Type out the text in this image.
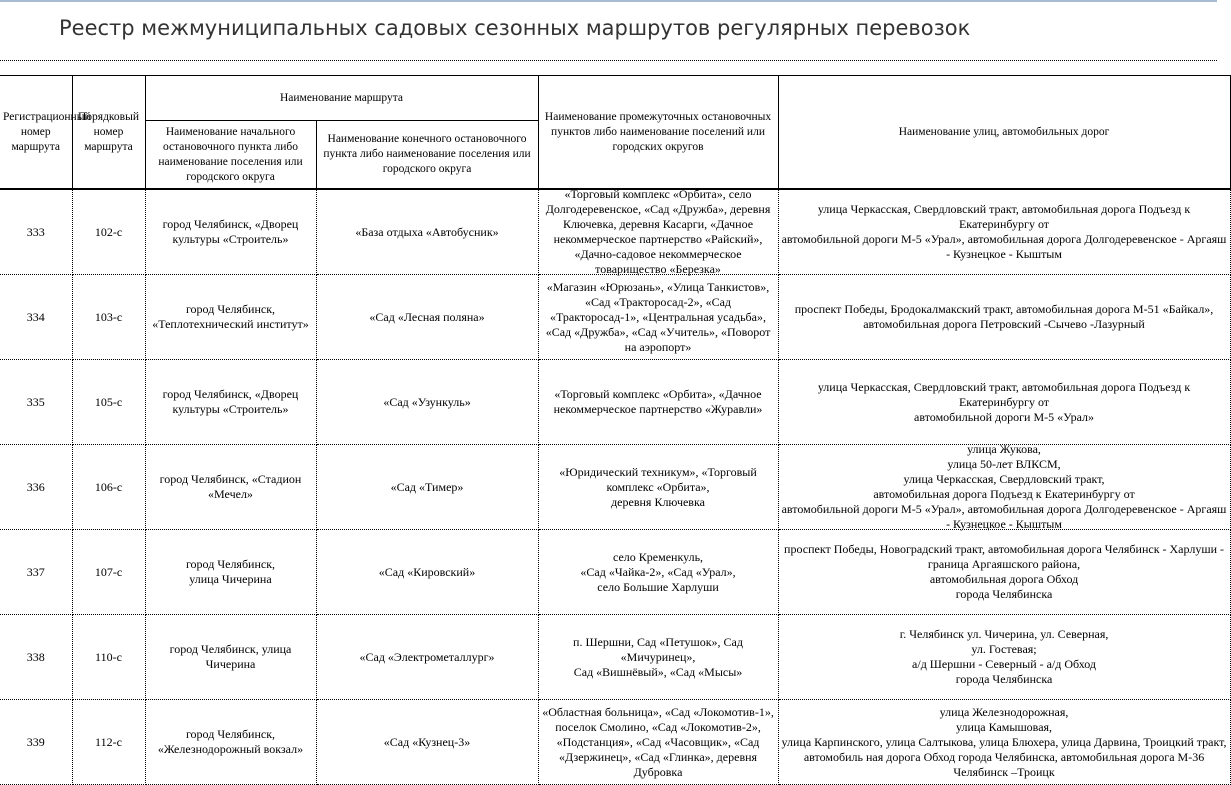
Реестр межмуниципальных садовых сезонных маршрутов регулярных перевозок
Регистрационный номер маршрута	Порядковый номер маршрута	Наименование маршрута		Наименование промежуточных остановочных пунктов либо наименование поселений или городских округов	Наименование улиц, автомобильных дорог
		Наименование начального остановочного пункта либо наименование поселения или городского округа	Наименование конечного остановочного пункта либо наименование поселения или городского округа		

333	102-с	город Челябинск, «Дворец культуры «Строитель»	«База отдыха «Автобусник»	«Торговый комплекс «Орбита», село Долгодеревенское, «Сад «Дружба», деревня Ключевка, деревня Касарги, «Дачное некоммерческое партнерство «Райский», «Дачно-садовое некоммерческое товарищество «Березка»	улица Черкасская, Свердловский тракт, автомобильная дорога Подъезд к Екатеринбургу от
автомобильной дороги М-5 «Урал», автомобильная дорога Долгодеревенское - Аргаяш - Кузнецкое - Кыштым

334	103-с	город Челябинск, «Теплотехнический институт»	«Сад «Лесная поляна»	«Магазин «Юрюзань», «Улица Танкистов», «Сад «Тракторосад-2», «Сад «Тракторосад-1», «Центральная усадьба», «Сад «Дружба», «Сад «Учитель», «Поворот на аэропорт»	проспект Победы, Бродокалмакский тракт, автомобильная дорога М-51 «Байкал», автомобильная дорога Петровский -Сычево -Лазурный

335	105-с	город Челябинск, «Дворец культуры «Строитель»	«Сад «Узункуль»	«Торговый комплекс «Орбита», «Дачное некоммерческое партнерство «Журавли»	улица Черкасская, Свердловский тракт, автомобильная дорога Подъезд к Екатеринбургу от
автомобильной дороги М-5 «Урал»

336	106-с	город Челябинск, «Стадион «Мечел»	«Сад «Тимер»	«Юридический техникум», «Торговый комплекс «Орбита»,
деревня Ключевка	улица Жукова,
улица 50-лет ВЛКСМ,
улица Черкасская, Свердловский тракт,
автомобильная дорога Подъезд к Екатеринбургу от
автомобильной дороги М-5 «Урал», автомобильная дорога Долгодеревенское - Аргаяш - Кузнецкое - Кыштым

337	107-с	город Челябинск,
улица Чичерина	«Сад «Кировский»	село Кременкуль,
«Сад «Чайка-2», «Сад «Урал»,
село Большие Харлуши	проспект Победы, Новоградский тракт, автомобильная дорога Челябинск - Харлуши - граница Аргаяшского района,
автомобильная дорога Обход
города Челябинска

338	110-с	город Челябинск, улица Чичерина	«Сад «Электрометаллург»	п. Шершни, Сад «Петушок», Сад «Мичуринец»,
Сад «Вишнёвый», «Сад «Мысы»	г. Челябинск ул. Чичерина, ул. Северная,
ул. Гостевая;
а/д Шершни - Северный - а/д Обход
города Челябинска

339	112-с	город Челябинск, «Железнодорожный вокзал»	«Сад «Кузнец-3»	«Областная больница», «Сад «Локомотив-1», поселок Смолино, «Сад «Локомотив-2», «Подстанция», «Сад «Часовщик», «Сад «Дзержинец», «Сад «Глинка», деревня Дубровка	улица Железнодорожная,
улица Камышовая,
улица Карпинского, улица Салтыкова, улица Блюхера, улица Дарвина, Троицкий тракт, автомобиль ная дорога Обход города Челябинска, автомобильная дорога М-36 Челябинск –Троицк
